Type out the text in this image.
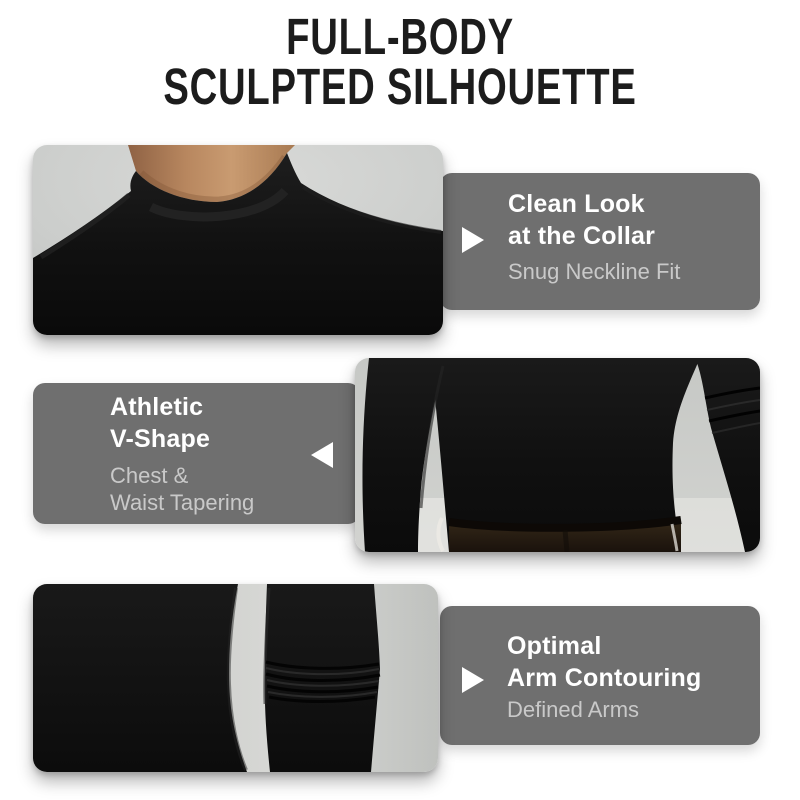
FULL-BODY
SCULPTED SILHOUETTE
Clean Look
at the Collar
Snug Neckline Fit
Athletic
V-Shape
Chest &
Waist Tapering
Optimal
Arm Contouring
Defined Arms
